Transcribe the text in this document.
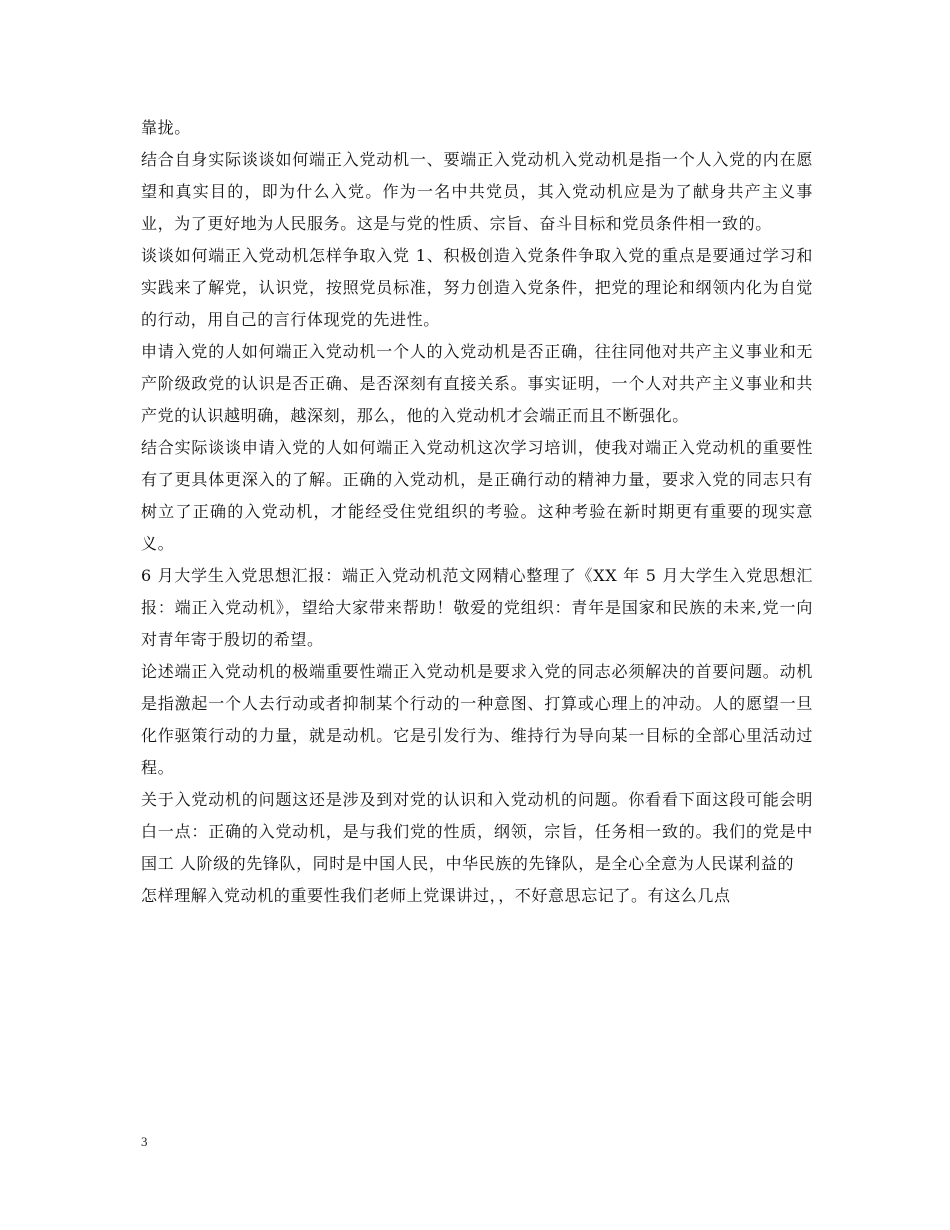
靠拢。

结合自身实际谈谈如何端正入党动机一、要端正入党动机入党动机是指一个人入党的内在愿望和真实目的，即为什么入党。作为一名中共党员，其入党动机应是为了献身共产主义事业，为了更好地为人民服务。这是与党的性质、宗旨、奋斗目标和党员条件相一致的。

谈谈如何端正入党动机怎样争取入党 1、积极创造入党条件争取入党的重点是要通过学习和实践来了解党，认识党，按照党员标准，努力创造入党条件，把党的理论和纲领内化为自觉的行动，用自己的言行体现党的先进性。

申请入党的人如何端正入党动机一个人的入党动机是否正确，往往同他对共产主义事业和无产阶级政党的认识是否正确、是否深刻有直接关系。事实证明，一个人对共产主义事业和共产党的认识越明确，越深刻，那么，他的入党动机才会端正而且不断强化。

结合实际谈谈申请入党的人如何端正入党动机这次学习培训，使我对端正入党动机的重要性有了更具体更深入的了解。正确的入党动机，是正确行动的精神力量，要求入党的同志只有树立了正确的入党动机，才能经受住党组织的考验。这种考验在新时期更有重要的现实意义。

6 月大学生入党思想汇报：端正入党动机范文网精心整理了《XX 年 5 月大学生入党思想汇报：端正入党动机》，望给大家带来帮助！敬爱的党组织：青年是国家和民族的未来,党一向对青年寄于殷切的希望。

论述端正入党动机的极端重要性端正入党动机是要求入党的同志必须解决的首要问题。动机是指激起一个人去行动或者抑制某个行动的一种意图、打算或心理上的冲动。人的愿望一旦化作驱策行动的力量，就是动机。它是引发行为、维持行为导向某一目标的全部心里活动过程。

关于入党动机的问题这还是涉及到对党的认识和入党动机的问题。你看看下面这段可能会明白一点：正确的入党动机，是与我们党的性质，纲领，宗旨，任务相一致的。我们的党是中国工 人阶级的先锋队，同时是中国人民，中华民族的先锋队，是全心全意为人民谋利益的

怎样理解入党动机的重要性我们老师上党课讲过，，不好意思忘记了。有这么几点

3
